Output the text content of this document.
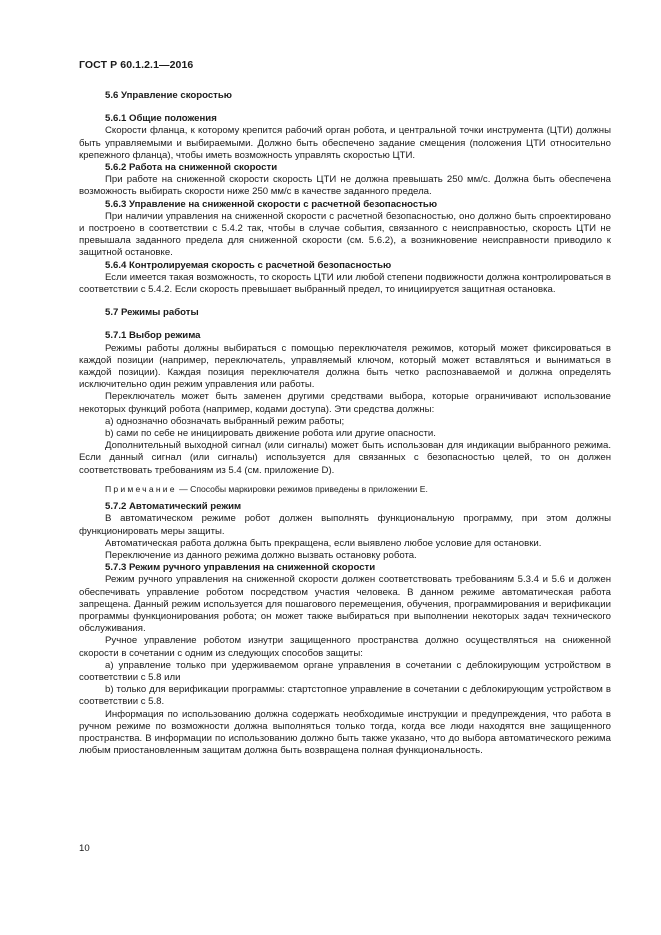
ГОСТ Р 60.1.2.1—2016

5.6 Управление скоростью

5.6.1 Общие положения

Скорости фланца, к которому крепится рабочий орган робота, и центральной точки инструмента (ЦТИ) должны быть управляемыми и выбираемыми. Должно быть обеспечено задание смещения (положения ЦТИ относительно крепежного фланца), чтобы иметь возможность управлять скоростью ЦТИ.

5.6.2 Работа на сниженной скорости

При работе на сниженной скорости скорость ЦТИ не должна превышать 250 мм/с. Должна быть обеспечена возможность выбирать скорости ниже 250 мм/с в качестве заданного предела.

5.6.3 Управление на сниженной скорости с расчетной безопасностью

При наличии управления на сниженной скорости с расчетной безопасностью, оно должно быть спроектировано и построено в соответствии с 5.4.2 так, чтобы в случае события, связанного с неисправностью, скорость ЦТИ не превышала заданного предела для сниженной скорости (см. 5.6.2), а возникновение неисправности приводило к защитной остановке.

5.6.4 Контролируемая скорость с расчетной безопасностью

Если имеется такая возможность, то скорость ЦТИ или любой степени подвижности должна контролироваться в соответствии с 5.4.2. Если скорость превышает выбранный предел, то инициируется защитная остановка.

5.7 Режимы работы

5.7.1 Выбор режима

Режимы работы должны выбираться с помощью переключателя режимов, который может фиксироваться в каждой позиции (например, переключатель, управляемый ключом, который может вставляться и выниматься в каждой позиции). Каждая позиция переключателя должна быть четко распознаваемой и должна определять исключительно один режим управления или работы.

Переключатель может быть заменен другими средствами выбора, которые ограничивают использование некоторых функций робота (например, кодами доступа). Эти средства должны:

a) однозначно обозначать выбранный режим работы;

b) сами по себе не инициировать движение робота или другие опасности.

Дополнительный выходной сигнал (или сигналы) может быть использован для индикации выбранного режима. Если данный сигнал (или сигналы) используется для связанных с безопасностью целей, то он должен соответствовать требованиям из 5.4 (см. приложение D).

Примечание — Способы маркировки режимов приведены в приложении Е.

5.7.2 Автоматический режим

В автоматическом режиме робот должен выполнять функциональную программу, при этом должны функционировать меры защиты.

Автоматическая работа должна быть прекращена, если выявлено любое условие для остановки.

Переключение из данного режима должно вызвать остановку робота.

5.7.3 Режим ручного управления на сниженной скорости

Режим ручного управления на сниженной скорости должен соответствовать требованиям 5.3.4 и 5.6 и должен обеспечивать управление роботом посредством участия человека. В данном режиме автоматическая работа запрещена. Данный режим используется для пошагового перемещения, обучения, программирования и верификации программы функционирования робота; он может также выбираться при выполнении некоторых задач технического обслуживания.

Ручное управление роботом изнутри защищенного пространства должно осуществляться на сниженной скорости в сочетании с одним из следующих способов защиты:

a) управление только при удерживаемом органе управления в сочетании с деблокирующим устройством в соответствии с 5.8 или

b) только для верификации программы: стартстопное управление в сочетании с деблокирующим устройством в соответствии с 5.8.

Информация по использованию должна содержать необходимые инструкции и предупреждения, что работа в ручном режиме по возможности должна выполняться только тогда, когда все люди находятся вне защищенного пространства. В информации по использованию должно быть также указано, что до выбора автоматического режима любым приостановленным защитам должна быть возвращена полная функциональность.

10
